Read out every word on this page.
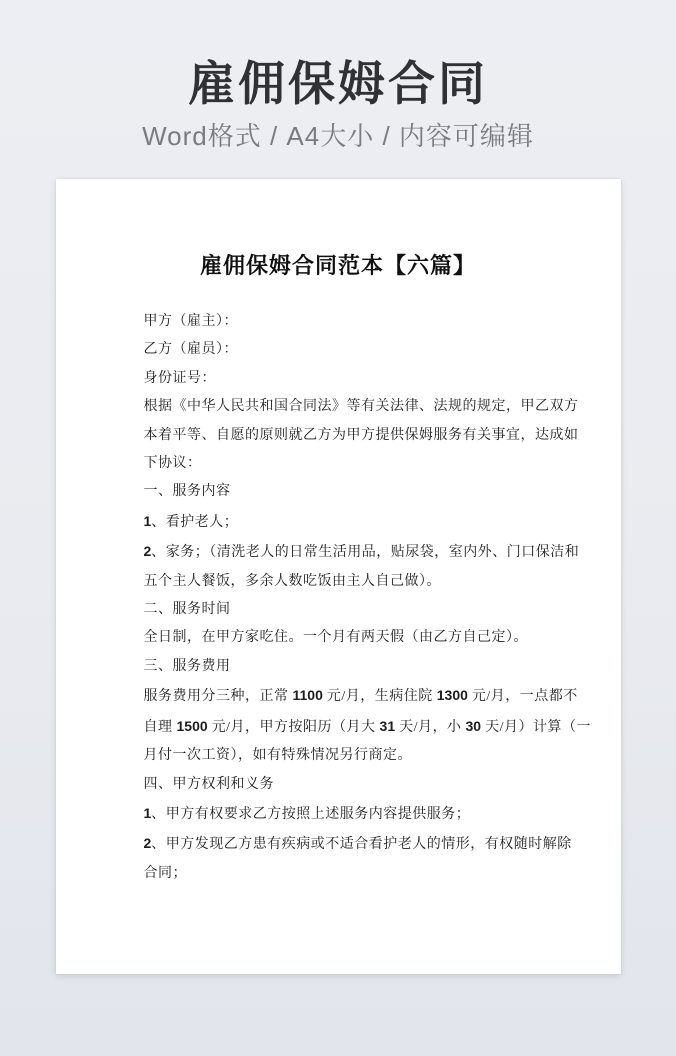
雇佣保姆合同

Word格式 / A4大小 / 内容可编辑

雇佣保姆合同范本【六篇】
甲方（雇主）：
乙方（雇员）：
身份证号：
根据《中华人民共和国合同法》等有关法律、法规的规定，甲乙双方
本着平等、自愿的原则就乙方为甲方提供保姆服务有关事宜，达成如
下协议：
一、服务内容
1、看护老人；
2、家务；（清洗老人的日常生活用品，贴尿袋，室内外、门口保洁和
五个主人餐饭，多余人数吃饭由主人自己做）。
二、服务时间
全日制，在甲方家吃住。一个月有两天假（由乙方自己定）。
三、服务费用
服务费用分三种，正常 1100 元/月，生病住院 1300 元/月，一点都不
自理 1500 元/月，甲方按阳历（月大 31 天/月，小 30 天/月）计算（一
月付一次工资），如有特殊情况另行商定。
四、甲方权利和义务
1、甲方有权要求乙方按照上述服务内容提供服务；
2、甲方发现乙方患有疾病或不适合看护老人的情形，有权随时解除
合同；
